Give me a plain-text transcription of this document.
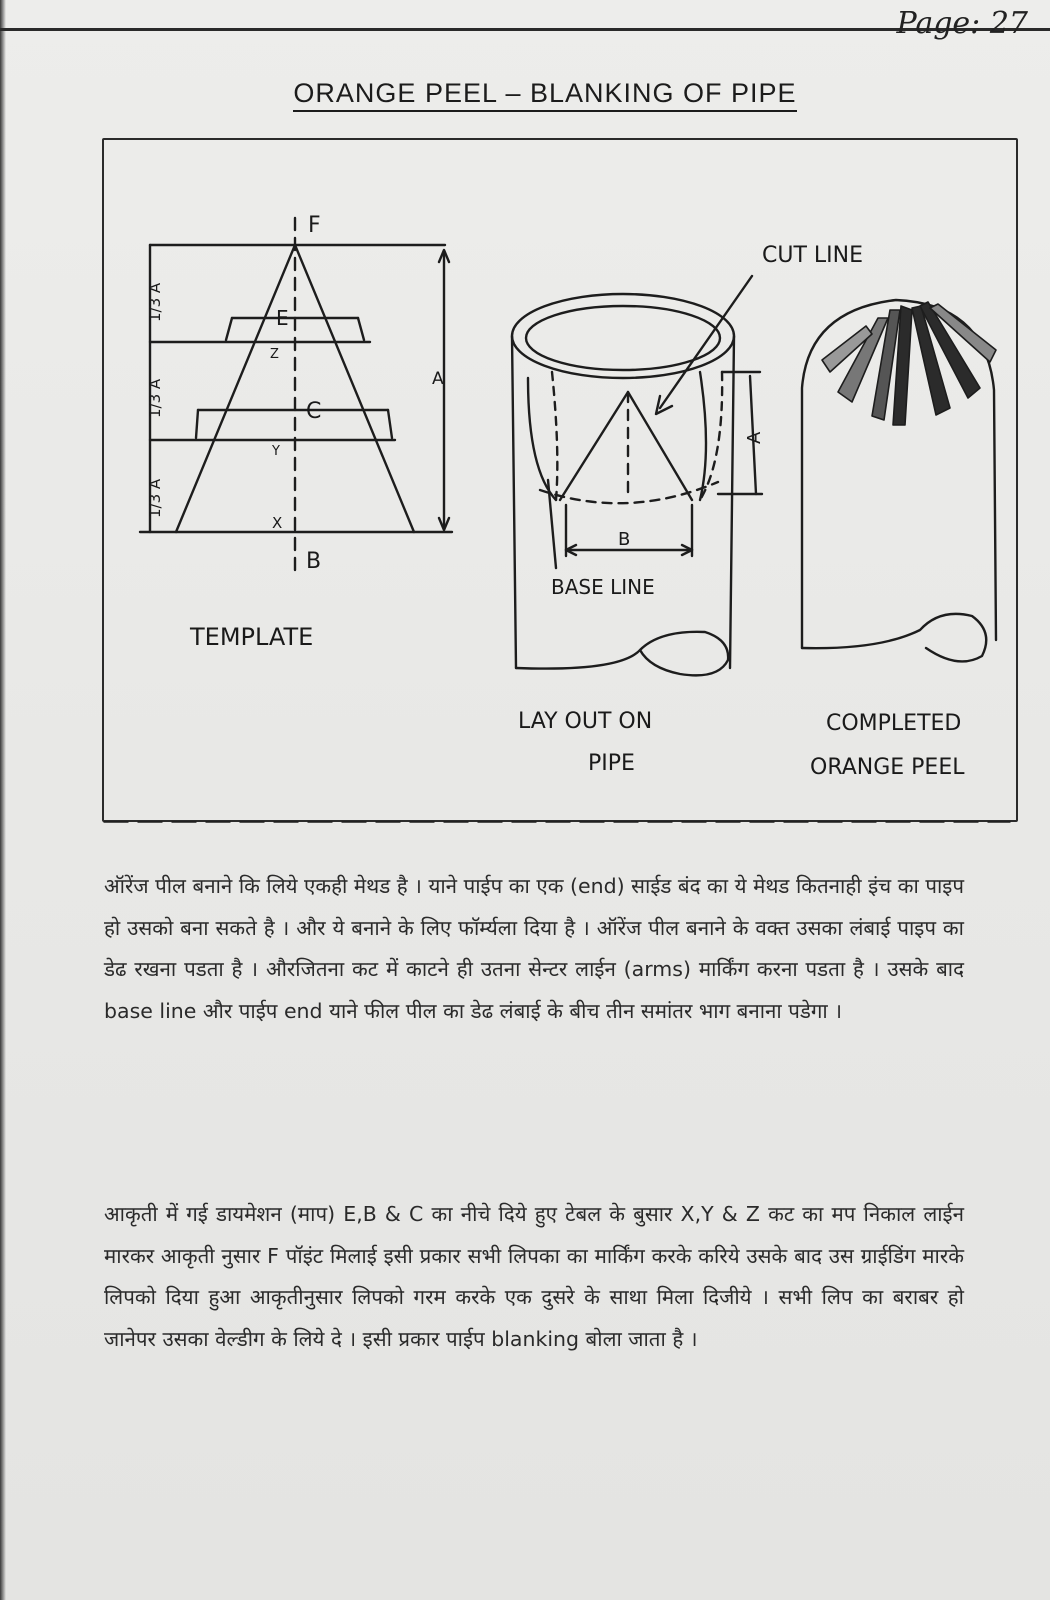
Page: 27
ORANGE PEEL – BLANKING OF PIPE
F
E
Z
C
Y
X
B
A
1/3 A
1/3 A
1/3 A
TEMPLATE
CUT LINE
BASE LINE
B
A
LAY OUT ON
PIPE
COMPLETED
ORANGE PEEL

ऑरेंज पील बनाने कि लिये एकही मेथड है । याने पाईप का एक (end) साईड बंद का ये मेथड कितनाही इंच का पाइप हो उसको बना सकते है । और ये बनाने के लिए फॉर्म्यला दिया है । ऑरेंज पील बनाने के वक्त उसका लंबाई पाइप का डेढ रखना पडता है । औरजितना कट में काटने ही उतना सेन्टर लाईन (arms) मार्किंग करना पडता है । उसके बाद base line और पाईप end याने फील पील का डेढ लंबाई के बीच तीन समांतर भाग बनाना पडेगा ।

आकृती में गई डायमेशन (माप) E,B & C का नीचे दिये हुए टेबल के बुसार X,Y & Z कट का मप निकाल लाईन मारकर आकृती नुसार F पॉइंट मिलाई इसी प्रकार सभी लिपका का मार्किंग करके करिये उसके बाद उस ग्राईडिंग मारके लिपको दिया हुआ आकृतीनुसार लिपको गरम करके एक दुसरे के साथा मिला दिजीये । सभी लिप का बराबर हो जानेपर उसका वेल्डीग के लिये दे । इसी प्रकार पाईप blanking बोला जाता है ।
